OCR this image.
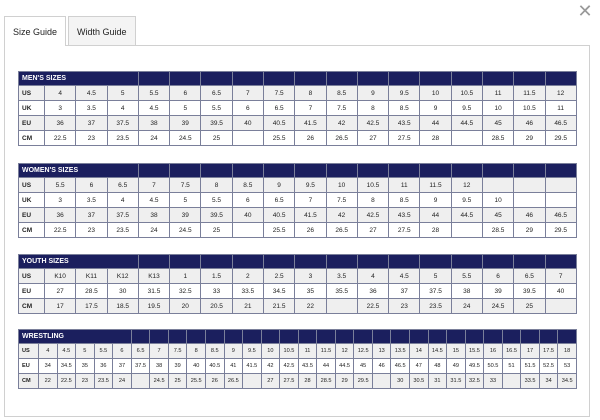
✕
Size Guide	Width Guide
MEN'S SIZES																	
US	4	4.5	5	5.5	6	6.5	7	7.5	8	8.5	9	9.5	10	10.5	11	11.5	12
UK	3	3.5	4	4.5	5	5.5	6	6.5	7	7.5	8	8.5	9	9.5	10	10.5	11
EU	36	37	37.5	38	39	39.5	40	40.5	41.5	42	42.5	43.5	44	44.5	45	46	46.5
CM	22.5	23	23.5	24	24.5	25		25.5	26	26.5	27	27.5	28		28.5	29	29.5
WOMEN'S SIZES																	
US	5.5	6	6.5	7	7.5	8	8.5	9	9.5	10	10.5	11	11.5	12			
UK	3	3.5	4	4.5	5	5.5	6	6.5	7	7.5	8	8.5	9	9.5	10		
EU	36	37	37.5	38	39	39.5	40	40.5	41.5	42	42.5	43.5	44	44.5	45	46	46.5
CM	22.5	23	23.5	24	24.5	25		25.5	26	26.5	27	27.5	28		28.5	29	29.5
YOUTH SIZES																	
US	K10	K11	K12	K13	1	1.5	2	2.5	3	3.5	4	4.5	5	5.5	6	6.5	7
EU	27	28.5	30	31.5	32.5	33	33.5	34.5	35	35.5	36	37	37.5	38	39	39.5	40
CM	17	17.5	18.5	19.5	20	20.5	21	21.5	22		22.5	23	23.5	24	24.5	25	
WRESTLING																													
US	4	4.5	5	5.5	6	6.5	7	7.5	8	8.5	9	9.5	10	10.5	11	11.5	12	12.5	13	13.5	14	14.5	15	15.5	16	16.5	17	17.5	18
EU	34	34.5	35	36	37	37.5	38	39	40	40.5	41	41.5	42	42.5	43.5	44	44.5	45	46	46.5	47	48	49	49.5	50.5	51	51.5	52.5	53
CM	22	22.5	23	23.5	24		24.5	25	25.5	26	26.5		27	27.5	28	28.5	29	29.5		30	30.5	31	31.5	32.5	33		33.5	34	34.5
